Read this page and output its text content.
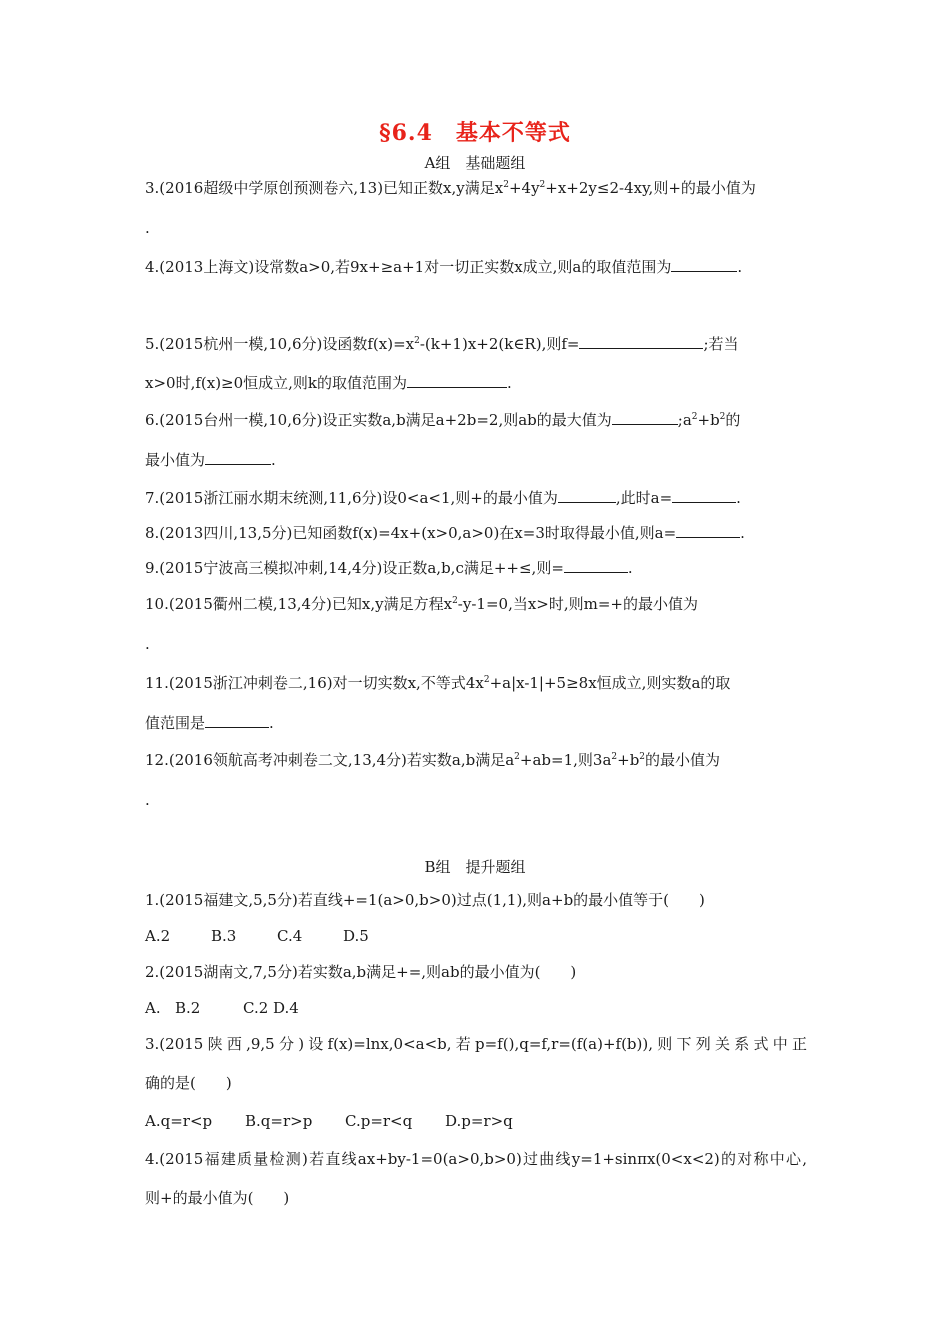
§6.4　基本不等式
A组　基础题组
3.(2016超级中学原创预测卷六,13)已知正数x,y满足$x^2+4y^2+x+2y\le 2-4xy$,则+的最小值为
.
4.(2013上海文)设常数a>0,若9x+≥a+1对一切正实数x成立,则a的取值范围为	.
5.(2015杭州一模,10,6分)设函数$f(x)=x^2-(k+1)x+2(k\in R)$,则f=	;若当
x>0时,f(x)≥0恒成立,则k的取值范围为	.
6.(2015台州一模,10,6分)设正实数a,b满足a+2b=2,则ab的最大值为	$;a^2+b^2$的
最小值为	.
7.(2015浙江丽水期末统测,11,6分)设0<a<1,则+的最小值为	,此时a=	.
8.(2013四川,13,5分)已知函数f(x)=4x+(x>0,a>0)在x=3时取得最小值,则a=	.
9.(2015宁波高三模拟冲刺,14,4分)设正数a,b,c满足++≤,则=	.
10.(2015衢州二模,13,4分)已知x,y满足方程$x^2-y-1=0$,当x>时,则m=+的最小值为
.
11.(2015浙江冲刺卷二,16)对一切实数x,不等式$4x^2+a|x-1|+5\ge 8x$恒成立,则实数a的取
值范围是	.
12.(2016领航高考冲刺卷二文,13,4分)若实数a,b满足$a^2+ab=1$,则$3a^2+b^2$的最小值为
.
B组　提升题组
1.(2015福建文,5,5分)若直线+=1(a>0,b>0)过点(1,1),则a+b的最小值等于(　　)
A.2	B.3	C.4	D.5
2.(2015湖南文,7,5分)若实数a,b满足+=,则ab的最小值为(　　)
A. B.2	C.2 D.4
3.(2015陕西,9,5分)设f(x)=lnx,0<a<b,若p=f(),q=f,r=(f(a)+f(b)),则下列关系式中正
确的是(　　)
A.q=r<p B.q=r>p C.p=r<q D.p=r>q
4.(2015福建质量检测)若直线ax+by-1=0(a>0,b>0)过曲线y=1+sinπx(0<x<2)的对称中心,
则+的最小值为(　　)
